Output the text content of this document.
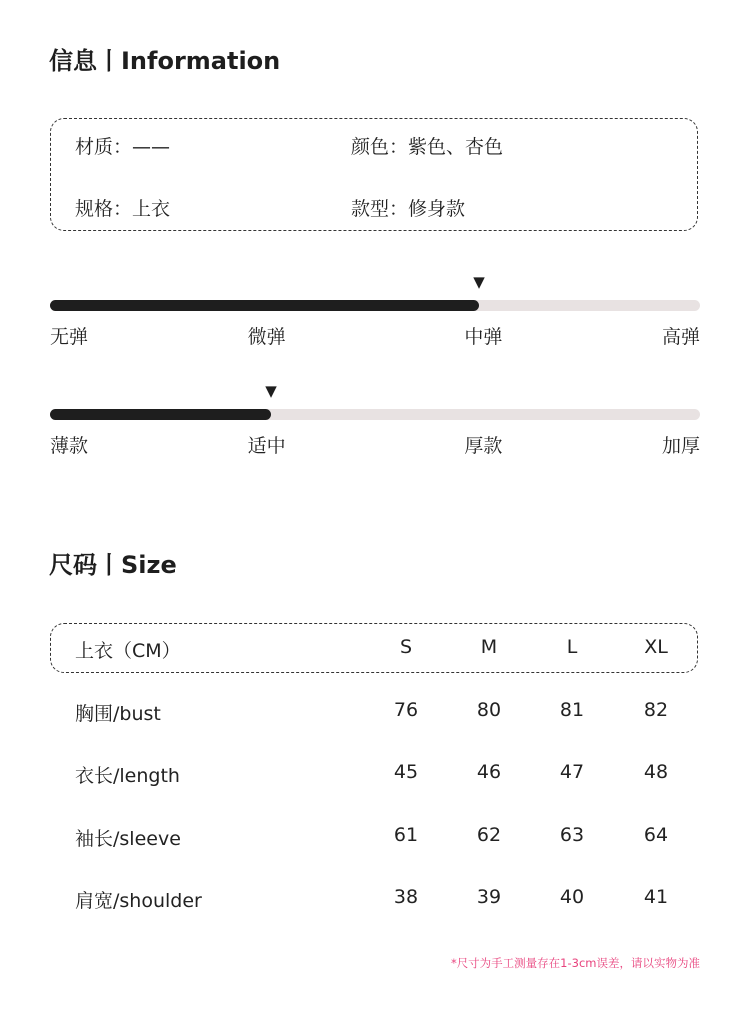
信息丨Information
材质：——	颜色：紫色、杏色
规格：上衣	款型：修身款
▼
无弹	微弹	中弹	高弹
▼
薄款	适中	厚款	加厚
尺码丨Size
上衣（CM）	S	M	L	XL
胸围/bust	76	80	81	82
衣长/length	45	46	47	48
袖长/sleeve	61	62	63	64
肩宽/shoulder	38	39	40	41
*尺寸为手工测量存在1-3cm误差，请以实物为准
